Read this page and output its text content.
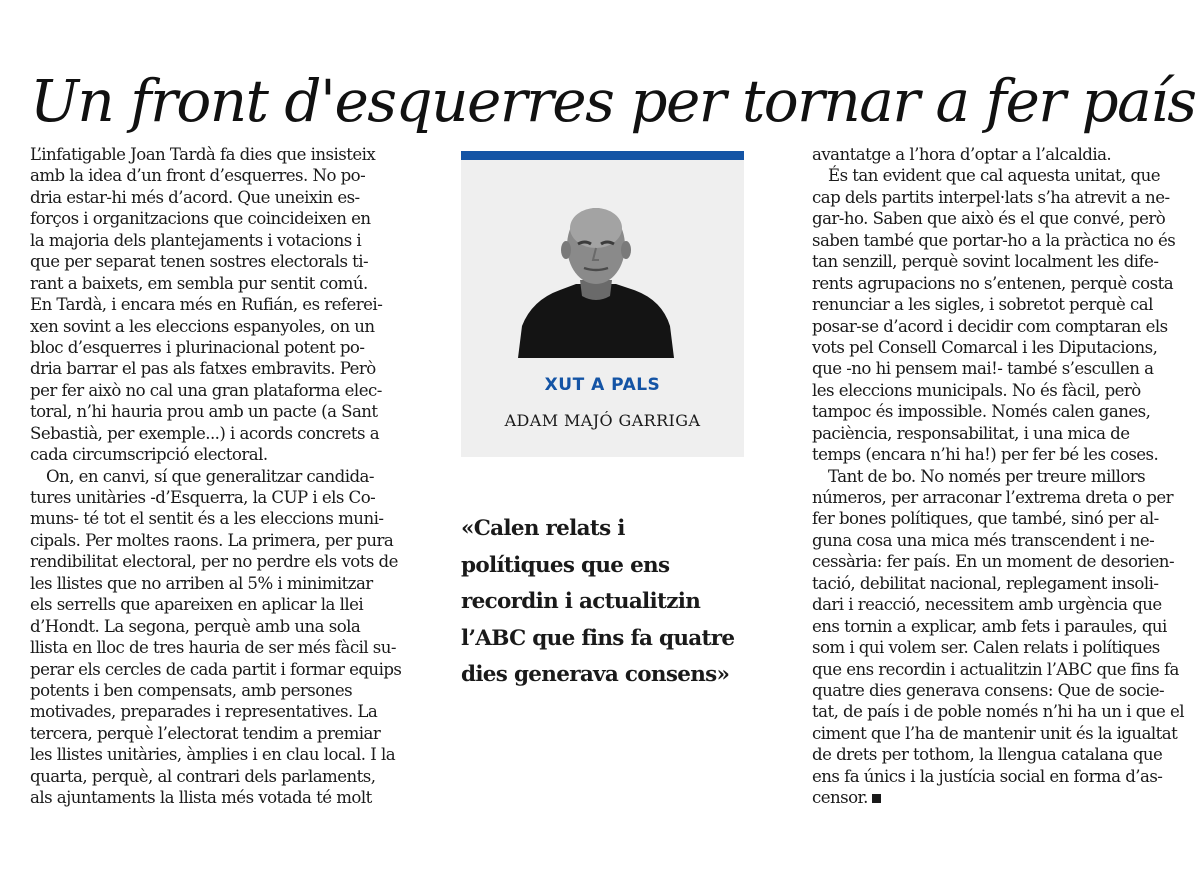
Un front d'esquerres per tornar a fer país
L’infatigable Joan Tardà fa dies que insisteix
amb la idea d’un front d’esquerres. No po-
dria estar-hi més d’acord. Que uneixin es-
forços i organitzacions que coincideixen en
la majoria dels plantejaments i votacions i
que per separat tenen sostres electorals ti-
rant a baixets, em sembla pur sentit comú.
En Tardà, i encara més en Rufián, es referei-
xen sovint a les eleccions espanyoles, on un
bloc d’esquerres i plurinacional potent po-
dria barrar el pas als fatxes embravits. Però
per fer això no cal una gran plataforma elec-
toral, n’hi hauria prou amb un pacte (a Sant
Sebastià, per exemple...) i acords concrets a
cada circumscripció electoral.
On, en canvi, sí que generalitzar candida-
tures unitàries -d’Esquerra, la CUP i els Co-
muns- té tot el sentit és a les eleccions muni-
cipals. Per moltes raons. La primera, per pura
rendibilitat electoral, per no perdre els vots de
les llistes que no arriben al 5% i minimitzar
els serrells que apareixen en aplicar la llei
d’Hondt. La segona, perquè amb una sola
llista en lloc de tres hauria de ser més fàcil su-
perar els cercles de cada partit i formar equips
potents i ben compensats, amb persones
motivades, preparades i representatives. La
tercera, perquè l’electorat tendim a premiar
les llistes unitàries, àmplies i en clau local. I la
quarta, perquè, al contrari dels parlaments,
als ajuntaments la llista més votada té molt
XUT A PALS
ADAM MAJÓ GARRIGA
«Calen relats i
polítiques que ens
recordin i actualitzin
l’ABC que fins fa quatre
dies generava consens»
avantatge a l’hora d’optar a l’alcaldia.
És tan evident que cal aquesta unitat, que
cap dels partits interpel·lats s’ha atrevit a ne-
gar-ho. Saben que això és el que convé, però
saben també que portar-ho a la pràctica no és
tan senzill, perquè sovint localment les dife-
rents agrupacions no s’entenen, perquè costa
renunciar a les sigles, i sobretot perquè cal
posar-se d’acord i decidir com comptaran els
vots pel Consell Comarcal i les Diputacions,
que -no hi pensem mai!- també s’escullen a
les eleccions municipals. No és fàcil, però
tampoc és impossible. Només calen ganes,
paciència, responsabilitat, i una mica de
temps (encara n’hi ha!) per fer bé les coses.
Tant de bo. No només per treure millors
números, per arraconar l’extrema dreta o per
fer bones polítiques, que també, sinó per al-
guna cosa una mica més transcendent i ne-
cessària: fer país. En un moment de desorien-
tació, debilitat nacional, replegament insoli-
dari i reacció, necessitem amb urgència que
ens tornin a explicar, amb fets i paraules, qui
som i qui volem ser. Calen relats i polítiques
que ens recordin i actualitzin l’ABC que fins fa
quatre dies generava consens: Que de socie-
tat, de país i de poble només n’hi ha un i que el
ciment que l’ha de mantenir unit és la igualtat
de drets per tothom, la llengua catalana que
ens fa únics i la justícia social en forma d’as-
censor.
